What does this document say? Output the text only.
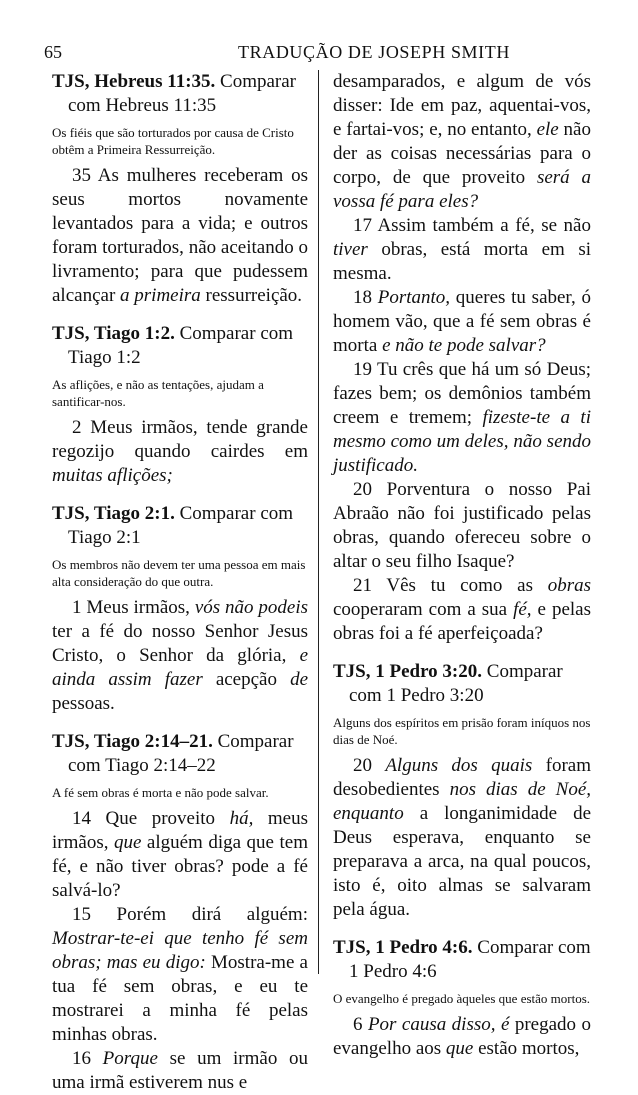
65	TRADUÇÃO DE JOSEPH SMITH

TJS, Hebreus 11:35. Comparar com Hebreus 11:35

Os fiéis que são torturados por causa de Cristo obtêm a Primeira Ressurreição.

35 As mulheres receberam os seus mortos novamente levantados para a vida; e outros foram torturados, não aceitando o livramento; para que pudessem alcançar a primeira ressurreição.

TJS, Tiago 1:2. Comparar com Tiago 1:2

As aflições, e não as tentações, ajudam a santificar-nos.

2 Meus irmãos, tende grande regozijo quando cairdes em muitas aflições;

TJS, Tiago 2:1. Comparar com Tiago 2:1

Os membros não devem ter uma pessoa em mais alta consideração do que outra.

1 Meus irmãos, vós não podeis ter a fé do nosso Senhor Jesus Cristo, o Senhor da glória, e ainda assim fazer acepção de pessoas.

TJS, Tiago 2:14–21. Comparar com Tiago 2:14–22

A fé sem obras é morta e não pode salvar.

14 Que proveito há, meus irmãos, que alguém diga que tem fé, e não tiver obras? pode a fé salvá-lo?

15 Porém dirá alguém: Mostrar-te-ei que tenho fé sem obras; mas eu digo: Mostra-me a tua fé sem obras, e eu te mostrarei a minha fé pelas minhas obras.

16 Porque se um irmão ou uma irmã estiverem nus e

desamparados, e algum de vós disser: Ide em paz, aquentai-vos, e fartai-vos; e, no entanto, ele não der as coisas necessárias para o corpo, de que proveito será a vossa fé para eles?

17 Assim também a fé, se não tiver obras, está morta em si mesma.

18 Portanto, queres tu saber, ó homem vão, que a fé sem obras é morta e não te pode salvar?

19 Tu crês que há um só Deus; fazes bem; os demônios também creem e tremem; fizeste-te a ti mesmo como um deles, não sendo justificado.

20 Porventura o nosso Pai Abraão não foi justificado pelas obras, quando ofereceu sobre o altar o seu filho Isaque?

21 Vês tu como as obras cooperaram com a sua fé, e pelas obras foi a fé aperfeiçoada?

TJS, 1 Pedro 3:20. Comparar com 1 Pedro 3:20

Alguns dos espíritos em prisão foram iníquos nos dias de Noé.

20 Alguns dos quais foram desobedientes nos dias de Noé, enquanto a longanimidade de Deus esperava, enquanto se preparava a arca, na qual poucos, isto é, oito almas se salvaram pela água.

TJS, 1 Pedro 4:6. Comparar com 1 Pedro 4:6

O evangelho é pregado àqueles que estão mortos.

6 Por causa disso, é pregado o evangelho aos que estão mortos,
